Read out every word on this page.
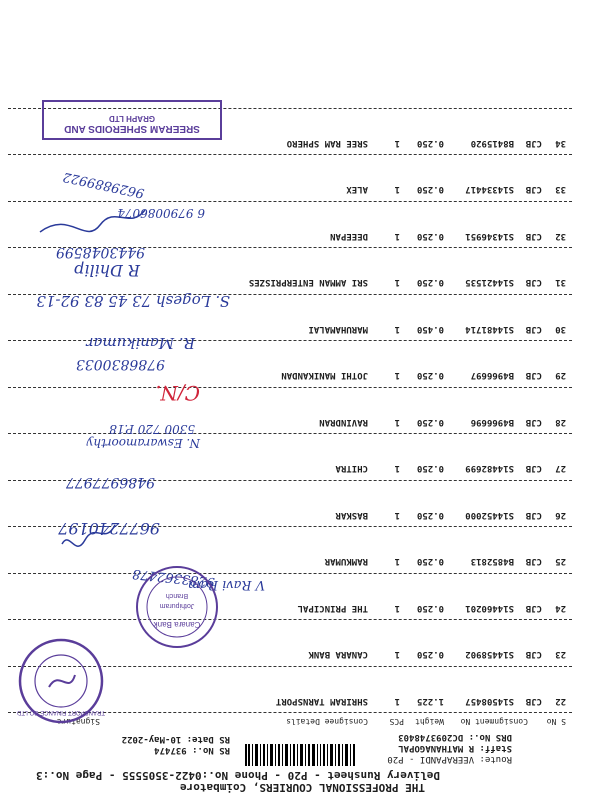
THE PROFESSIONAL COURIERS, Coimbatore
Delivery Runsheet - P20 - Phone No.:0422-3505555 - Page No.:3
Route: VEERAPANDI - P20
Staff: R MATHANAGOPAL
DRS No.: DC2093748403
RS No.: 937474
RS Date: 10-May-2022
S No
Consignment No
Weight
PCS
Consignee Details
Signature
22
CJB
S14508457
1.225
1
SHRIRAM TARNSPORT
23
CJB
S14458902
0.250
1
CANARA BANK
24
CJB
S14460201
0.250
1
THE PRINCIPAL
25
CJB
B4852813
0.250
1
RAMKUMAR
26
CJB
S14452000
0.250
1
BASKAR
27
CJB
S14482699
0.250
1
CHITRA
28
CJB
B4966696
0.250
1
RAVINDRAN
29
CJB
B4966697
0.250
1
JOTHI MANIKANDAN
30
CJB
S14481714
0.450
1
MARUHAMALAI
31
CJB
S14421535
0.250
1
SRI AMMAN ENTERPRISZES
32
CJB
S14346951
0.250
1
DEEEPAN
33
CJB
S14334417
0.250
1
ALEX
34
CJB
B8415920
0.250
1
SREE RAM SPHERO
V Ravi Ram
9283362478
9677240197
9486977977
N. Eswaramoorthy
5300 720 P.18
C/N.
9786830033
R. Manikumar
S. Logesh 73 45 83 92-13
R Dhilip
9443048599
6 9790086074
9629889922
Canara Bank
Jothipuram
Branch
TRANSPORT FINANCE CO LTD
SREERAM SPHEROIDS AND
GRAPH LTD
